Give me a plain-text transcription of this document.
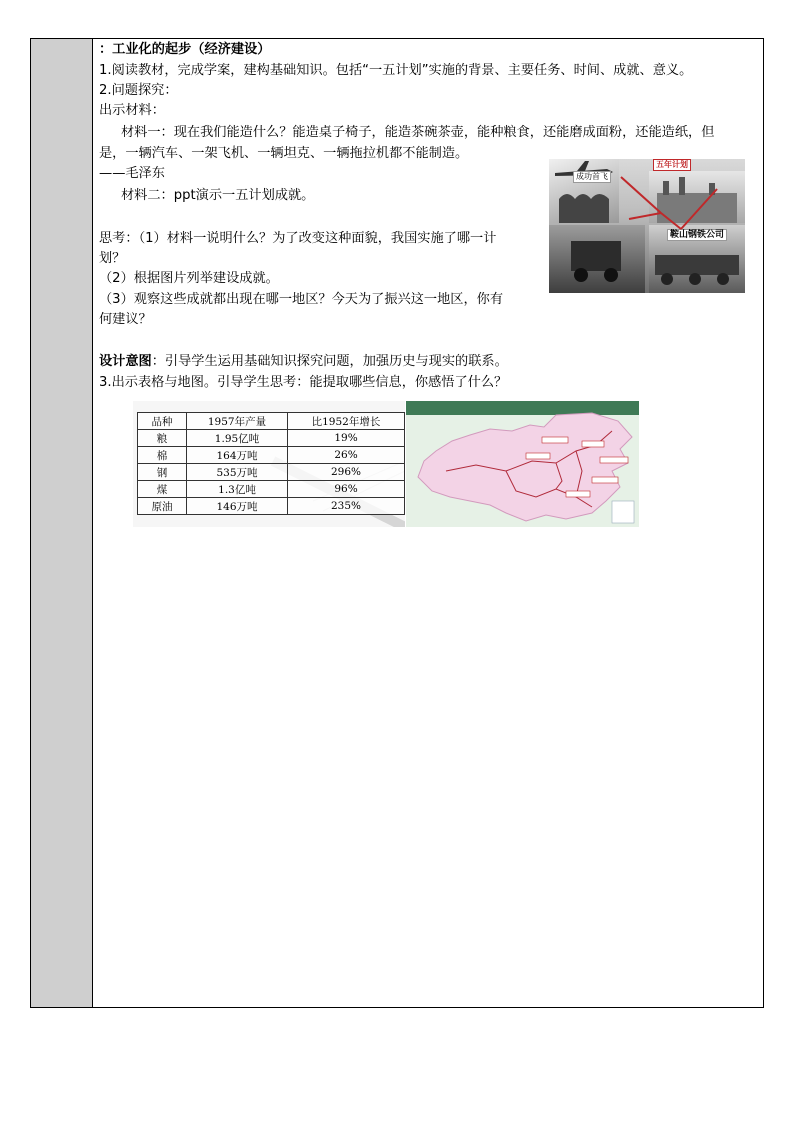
：工业化的起步（经济建设）
1.阅读教材，完成学案，建构基础知识。包括“一五计划”实施的背景、主要任务、时间、成就、意义。
2.问题探究：
出示材料：
材料一：现在我们能造什么？能造桌子椅子，能造茶碗茶壶，能种粮食，还能磨成面粉，还能造纸，但
是，一辆汽车、一架飞机、一辆坦克、一辆拖拉机都不能制造。
——毛泽东
材料二：ppt演示一五计划成就。
思考：（1）材料一说明什么？为了改变这种面貌，我国实施了哪一计
划？
（2）根据图片列举建设成就。
（3）观察这些成就都出现在哪一地区？今天为了振兴这一地区，你有
何建议？
设计意图：引导学生运用基础知识探究问题，加强历史与现实的联系。
3.出示表格与地图。引导学生思考：能提取哪些信息，你感悟了什么？
五年计划
成功首飞
鞍山钢铁公司
品种	1957年产量	比1952年增长
粮	1.95亿吨	19%
棉	164万吨	26%
钢	535万吨	296%
煤	1.3亿吨	96%
原油	146万吨	235%
